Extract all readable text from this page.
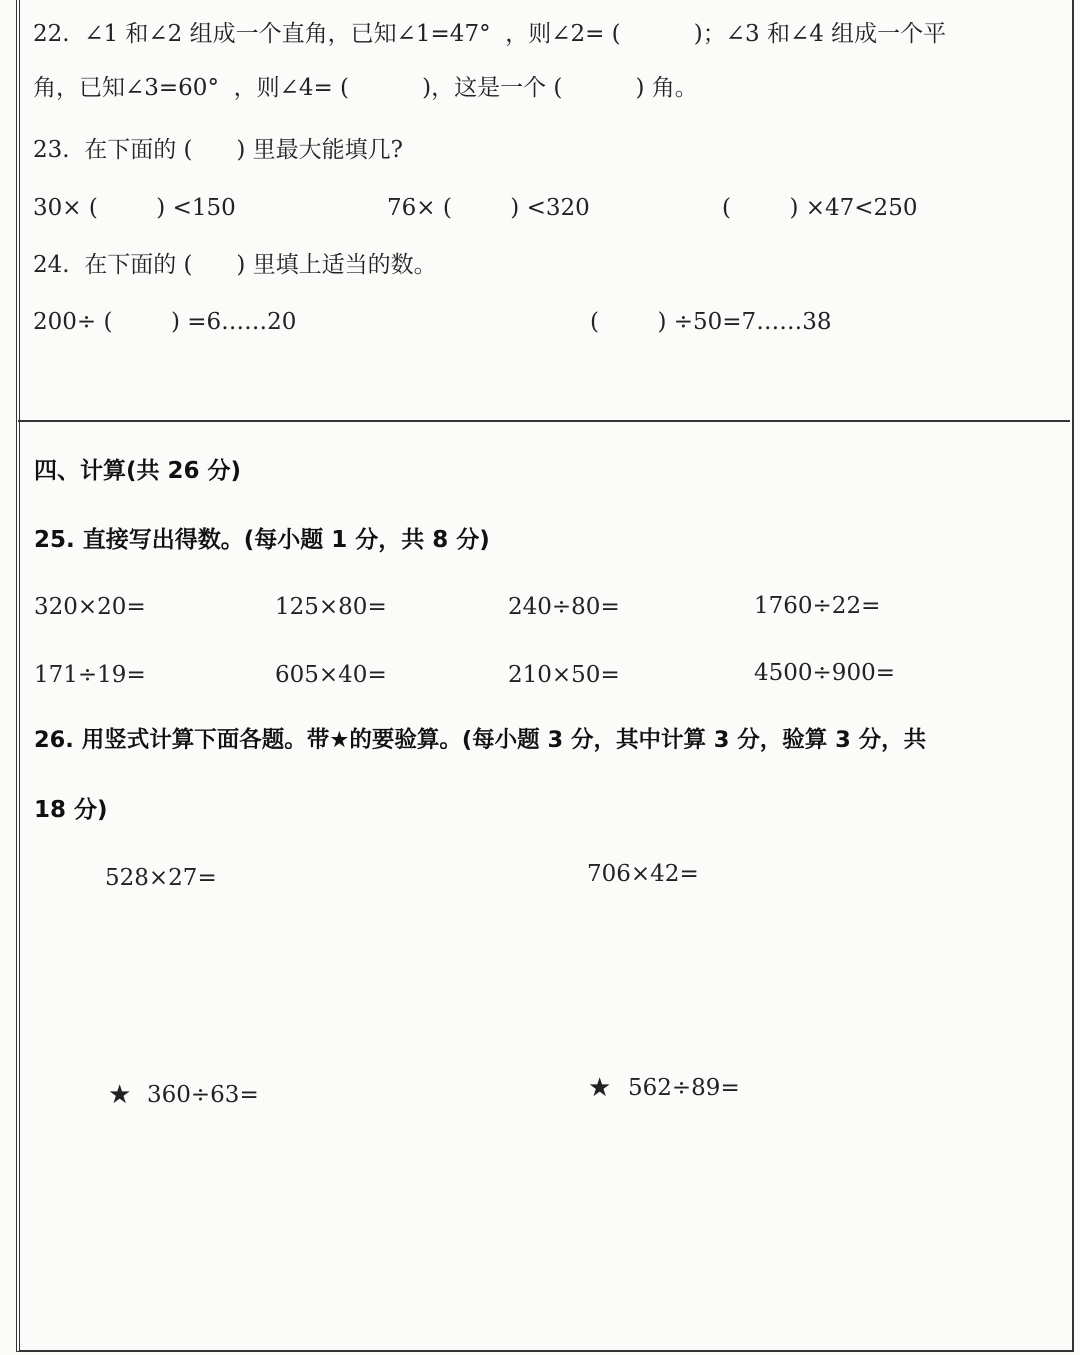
22.  ∠1 和∠2 组成一个直角，已知∠1=47°  ，则∠2= (          )；∠3 和∠4 组成一个平
角，已知∠3=60°  ，则∠4= (          )，这是一个 (          ) 角。
23.  在下面的 (      ) 里最大能填几?
30× (        ) <150	76× (        ) <320	(        ) ×47<250
24.  在下面的 (      ) 里填上适当的数。
200÷ (        ) =6……20	(        ) ÷50=7……38
四、计算(共 26 分)
25. 直接写出得数。(每小题 1 分，共 8 分)
320×20=	125×80=	240÷80=	1760÷22=
171÷19=	605×40=	210×50=	4500÷900=
26. 用竖式计算下面各题。带★的要验算。(每小题 3 分，其中计算 3 分，验算 3 分，共
18 分)
528×27=	706×42=
★ 360÷63=	★ 562÷89=
